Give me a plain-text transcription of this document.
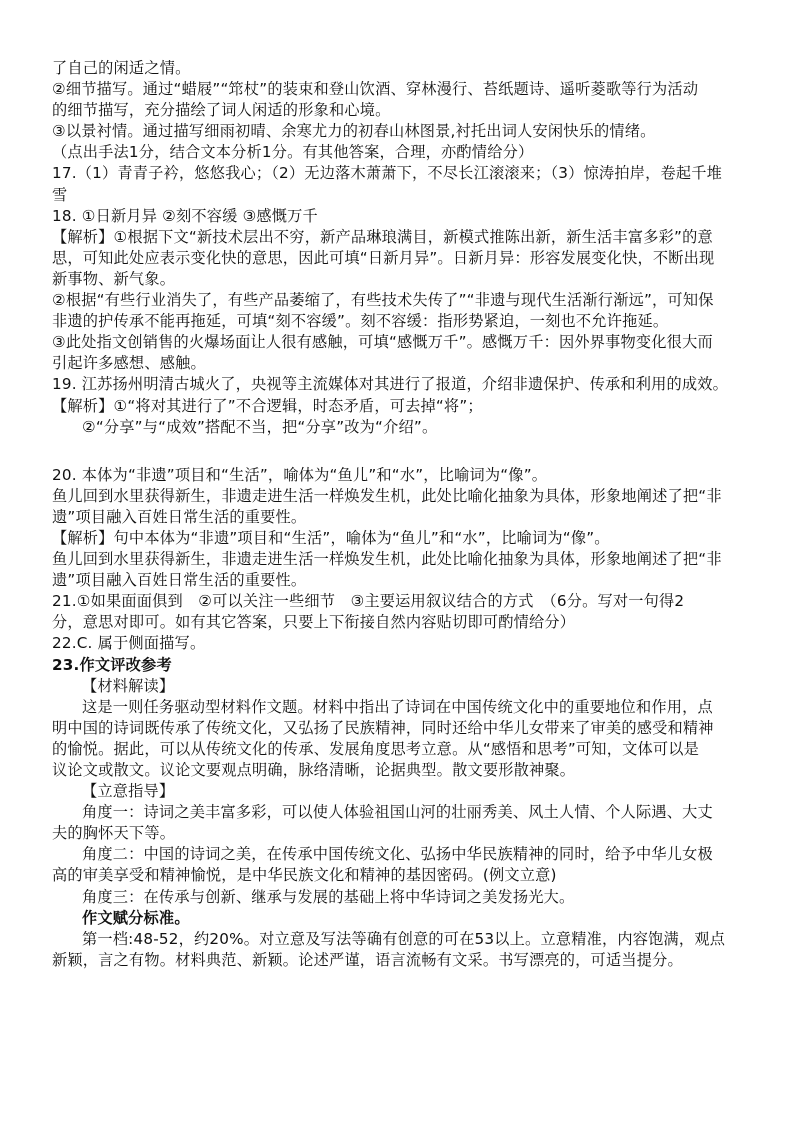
了自己的闲适之情。
②细节描写。通过“蜡屐”“筇杖”的装束和登山饮酒、穿林漫行、苔纸题诗、遥听菱歌等行为活动
的细节描写，充分描绘了词人闲适的形象和心境。
③以景衬情。通过描写细雨初晴、余寒尤力的初春山林图景,衬托出词人安闲快乐的情绪。
（点出手法1分，结合文本分析1分。有其他答案，合理，亦酌情给分）
17.（1）青青子衿，悠悠我心；（2）无边落木萧萧下，不尽长江滚滚来；（3）惊涛拍岸，卷起千堆
雪
18. ①日新月异 ②刻不容缓 ③感慨万千
【解析】①根据下文“新技术层出不穷，新产品琳琅满目，新模式推陈出新，新生活丰富多彩”的意
思，可知此处应表示变化快的意思，因此可填“日新月异”。日新月异：形容发展变化快，不断出现
新事物、新气象。
②根据“有些行业消失了，有些产品萎缩了，有些技术失传了”“非遗与现代生活渐行渐远”，可知保
非遗的护传承不能再拖延，可填“刻不容缓”。刻不容缓：指形势紧迫，一刻也不允许拖延。
③此处指文创销售的火爆场面让人很有感触，可填“感慨万千”。感慨万千：因外界事物变化很大而
引起许多感想、感触。
19. 江苏扬州明清古城火了，央视等主流媒体对其进行了报道，介绍非遗保护、传承和利用的成效。
【解析】①“将对其进行了”不合逻辑，时态矛盾，可去掉“将”；
②“分享”与“成效”搭配不当，把“分享”改为“介绍”。
20. 本体为“非遗”项目和“生活”，喻体为“鱼儿”和“水”，比喻词为“像”。
鱼儿回到水里获得新生，非遗走进生活一样焕发生机，此处比喻化抽象为具体，形象地阐述了把“非
遗”项目融入百姓日常生活的重要性。
【解析】句中本体为“非遗”项目和“生活”，喻体为“鱼儿”和“水”，比喻词为“像”。
鱼儿回到水里获得新生，非遗走进生活一样焕发生机，此处比喻化抽象为具体，形象地阐述了把“非
遗”项目融入百姓日常生活的重要性。
21.①如果面面俱到　②可以关注一些细节　③主要运用叙议结合的方式　（6分。写对一句得2
分，意思对即可。如有其它答案，只要上下衔接自然内容贴切即可酌情给分）
22.C. 属于侧面描写。
23.作文评改参考
【材料解读】
这是一则任务驱动型材料作文题。材料中指出了诗词在中国传统文化中的重要地位和作用，点
明中国的诗词既传承了传统文化，又弘扬了民族精神，同时还给中华儿女带来了审美的感受和精神
的愉悦。据此，可以从传统文化的传承、发展角度思考立意。从“感悟和思考”可知，文体可以是
议论文或散文。议论文要观点明确，脉络清晰，论据典型。散文要形散神聚。
【立意指导】
角度一：诗词之美丰富多彩，可以使人体验祖国山河的壮丽秀美、风土人情、个人际遇、大丈
夫的胸怀天下等。
角度二：中国的诗词之美，在传承中国传统文化、弘扬中华民族精神的同时，给予中华儿女极
高的审美享受和精神愉悦，是中华民族文化和精神的基因密码。(例文立意)
角度三：在传承与创新、继承与发展的基础上将中华诗词之美发扬光大。
作文赋分标准。
第一档:48-52，约20%。对立意及写法等确有创意的可在53以上。立意精准，内容饱满，观点
新颖，言之有物。材料典范、新颖。论述严谨，语言流畅有文采。书写漂亮的，可适当提分。
